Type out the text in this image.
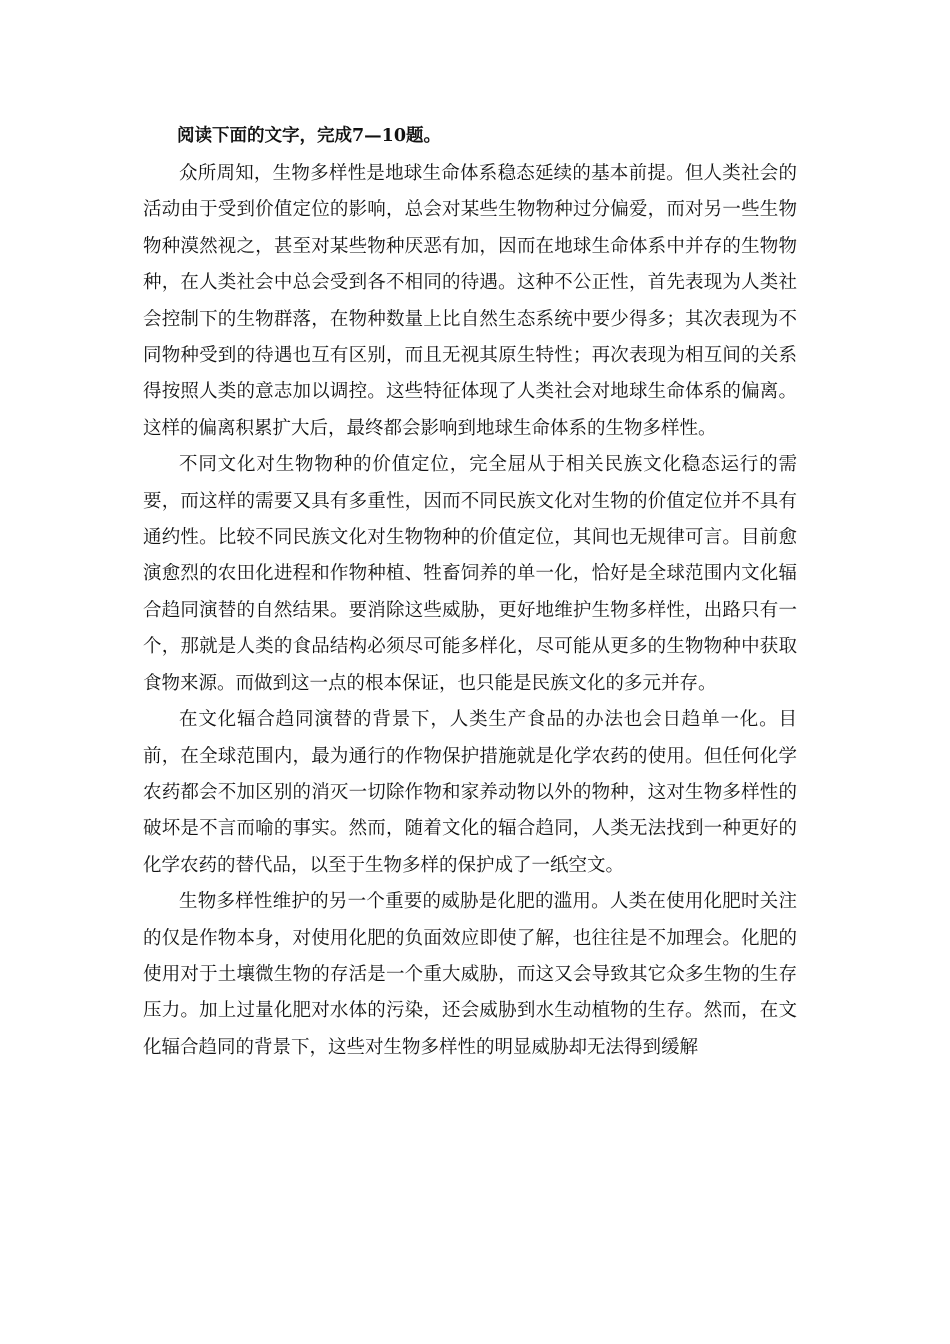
阅读下面的文字，完成7—10题。

众所周知，生物多样性是地球生命体系稳态延续的基本前提。但人类社会的活动由于受到价值定位的影响，总会对某些生物物种过分偏爱，而对另一些生物物种漠然视之，甚至对某些物种厌恶有加，因而在地球生命体系中并存的生物物种，在人类社会中总会受到各不相同的待遇。这种不公正性，首先表现为人类社会控制下的生物群落，在物种数量上比自然生态系统中要少得多；其次表现为不同物种受到的待遇也互有区别，而且无视其原生特性；再次表现为相互间的关系得按照人类的意志加以调控。这些特征体现了人类社会对地球生命体系的偏离。这样的偏离积累扩大后，最终都会影响到地球生命体系的生物多样性。

不同文化对生物物种的价值定位，完全屈从于相关民族文化稳态运行的需要，而这样的需要又具有多重性，因而不同民族文化对生物的价值定位并不具有通约性。比较不同民族文化对生物物种的价值定位，其间也无规律可言。目前愈演愈烈的农田化进程和作物种植、牲畜饲养的单一化，恰好是全球范围内文化辐合趋同演替的自然结果。要消除这些威胁，更好地维护生物多样性，出路只有一个，那就是人类的食品结构必须尽可能多样化，尽可能从更多的生物物种中获取食物来源。而做到这一点的根本保证，也只能是民族文化的多元并存。

在文化辐合趋同演替的背景下，人类生产食品的办法也会日趋单一化。目前，在全球范围内，最为通行的作物保护措施就是化学农药的使用。但任何化学农药都会不加区别的消灭一切除作物和家养动物以外的物种，这对生物多样性的破坏是不言而喻的事实。然而，随着文化的辐合趋同，人类无法找到一种更好的化学农药的替代品，以至于生物多样的保护成了一纸空文。

生物多样性维护的另一个重要的威胁是化肥的滥用。人类在使用化肥时关注的仅是作物本身，对使用化肥的负面效应即使了解，也往往是不加理会。化肥的使用对于土壤微生物的存活是一个重大威胁，而这又会导致其它众多生物的生存压力。加上过量化肥对水体的污染，还会威胁到水生动植物的生存。然而，在文化辐合趋同的背景下，这些对生物多样性的明显威胁却无法得到缓解
